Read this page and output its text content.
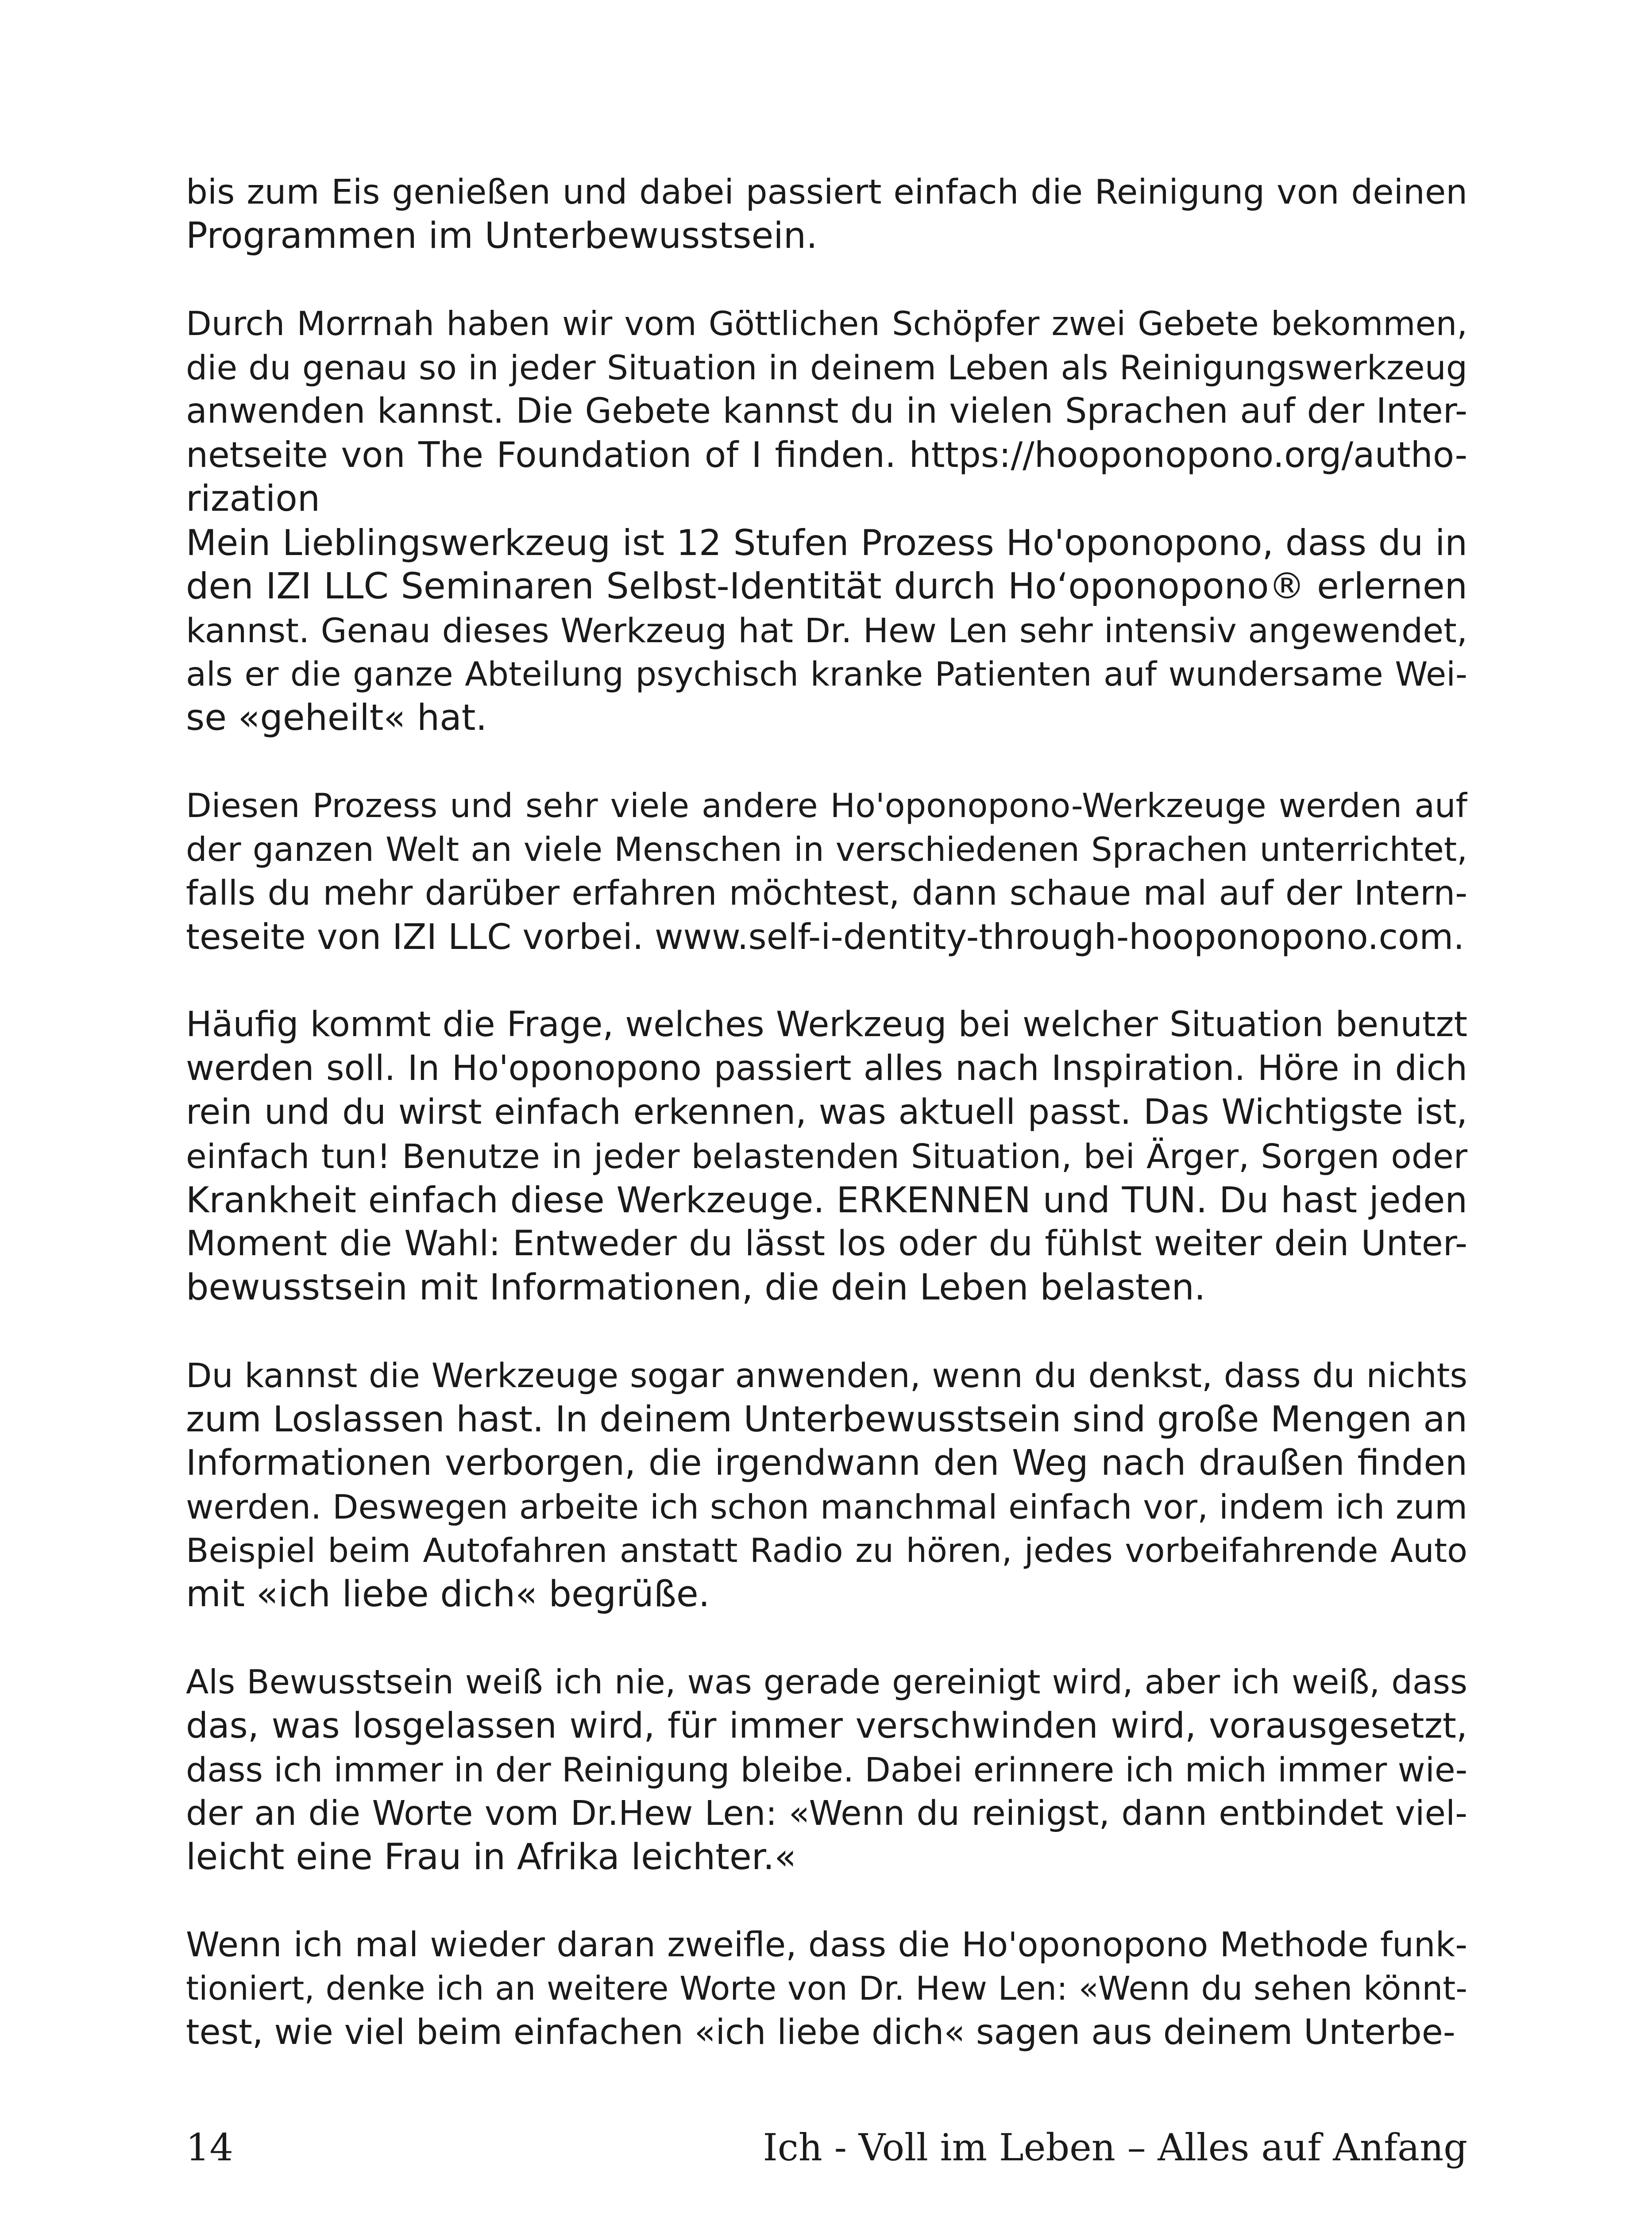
bis zum Eis genießen und dabei passiert einfach die Reinigung von deinen
Programmen im Unterbewusstsein.
Durch Morrnah haben wir vom Göttlichen Schöpfer zwei Gebete bekommen,
die du genau so in jeder Situation in deinem Leben als Reinigungswerkzeug
anwenden kannst. Die Gebete kannst du in vielen Sprachen auf der Inter-
netseite von The Foundation of I finden. https://hooponopono.org/autho-
rization
Mein Lieblingswerkzeug ist 12 Stufen Prozess Ho'oponopono, dass du in
den IZI LLC Seminaren Selbst-Identität durch Ho‘oponopono® erlernen
kannst. Genau dieses Werkzeug hat Dr. Hew Len sehr intensiv angewendet,
als er die ganze Abteilung psychisch kranke Patienten auf wundersame Wei-
se «geheilt« hat.
Diesen Prozess und sehr viele andere Ho'oponopono-Werkzeuge werden auf
der ganzen Welt an viele Menschen in verschiedenen Sprachen unterrichtet,
falls du mehr darüber erfahren möchtest, dann schaue mal auf der Intern-
teseite von IZI LLC vorbei. www.self-i-dentity-through-hooponopono.com.
Häufig kommt die Frage, welches Werkzeug bei welcher Situation benutzt
werden soll. In Ho'oponopono passiert alles nach Inspiration. Höre in dich
rein und du wirst einfach erkennen, was aktuell passt. Das Wichtigste ist,
einfach tun! Benutze in jeder belastenden Situation, bei Ärger, Sorgen oder
Krankheit einfach diese Werkzeuge. ERKENNEN und TUN. Du hast jeden
Moment die Wahl: Entweder du lässt los oder du fühlst weiter dein Unter-
bewusstsein mit Informationen, die dein Leben belasten.
Du kannst die Werkzeuge sogar anwenden, wenn du denkst, dass du nichts
zum Loslassen hast. In deinem Unterbewusstsein sind große Mengen an
Informationen verborgen, die irgendwann den Weg nach draußen finden
werden. Deswegen arbeite ich schon manchmal einfach vor, indem ich zum
Beispiel beim Autofahren anstatt Radio zu hören, jedes vorbeifahrende Auto
mit «ich liebe dich« begrüße.
Als Bewusstsein weiß ich nie, was gerade gereinigt wird, aber ich weiß, dass
das, was losgelassen wird, für immer verschwinden wird, vorausgesetzt,
dass ich immer in der Reinigung bleibe. Dabei erinnere ich mich immer wie-
der an die Worte vom Dr.Hew Len: «Wenn du reinigst, dann entbindet viel-
leicht eine Frau in Afrika leichter.«
Wenn ich mal wieder daran zweifle, dass die Ho'oponopono Methode funk-
tioniert, denke ich an weitere Worte von Dr. Hew Len: «Wenn du sehen könnt-
test, wie viel beim einfachen «ich liebe dich« sagen aus deinem Unterbe-
14	Ich - Voll im Leben – Alles auf Anfang
